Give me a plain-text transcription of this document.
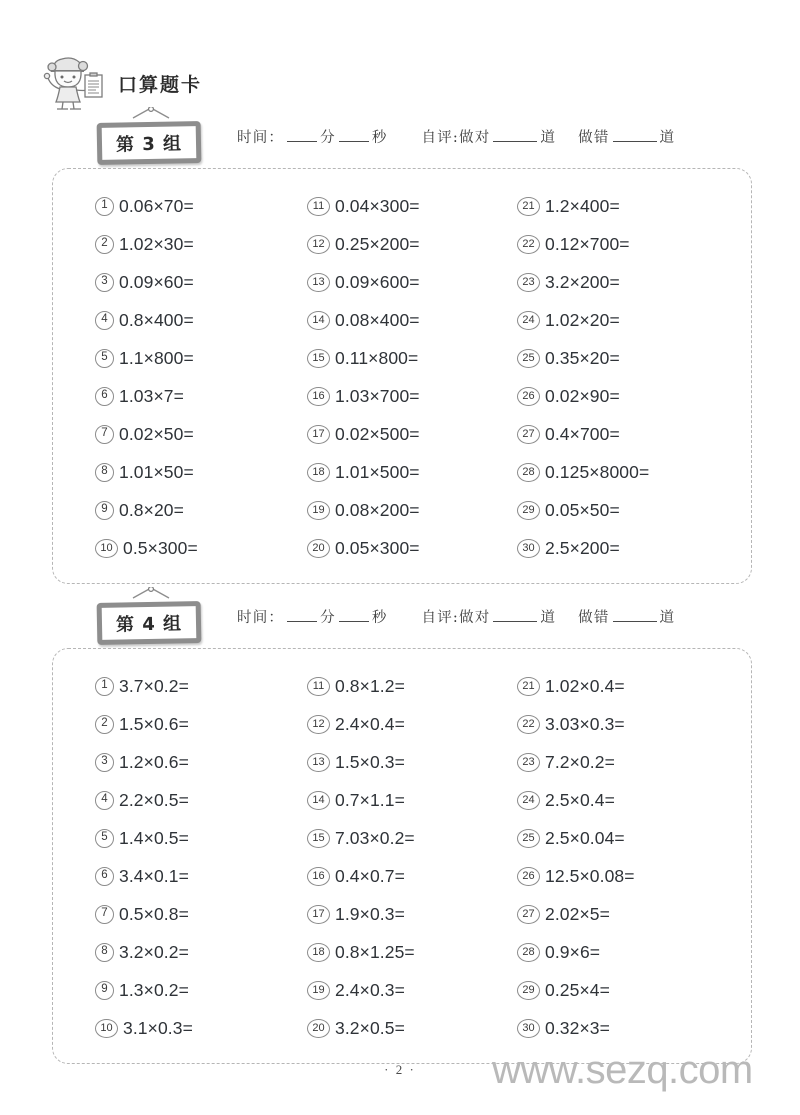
口算题卡
第 3 组	时间： 分 秒 自评: 做对	道 做错	道
1 0.06×70=
2 1.02×30=
3 0.09×60=
4 0.8×400=
5 1.1×800=
6 1.03×7=
7 0.02×50=
8 1.01×50=
9 0.8×20=
10 0.5×300=
11 0.04×300=
12 0.25×200=
13 0.09×600=
14 0.08×400=
15 0.11×800=
16 1.03×700=
17 0.02×500=
18 1.01×500=
19 0.08×200=
20 0.05×300=
21 1.2×400=
22 0.12×700=
23 3.2×200=
24 1.02×20=
25 0.35×20=
26 0.02×90=
27 0.4×700=
28 0.125×8000=
29 0.05×50=
30 2.5×200=
第 4 组	时间： 分 秒 自评: 做对	道 做错	道
1 3.7×0.2=
2 1.5×0.6=
3 1.2×0.6=
4 2.2×0.5=
5 1.4×0.5=
6 3.4×0.1=
7 0.5×0.8=
8 3.2×0.2=
9 1.3×0.2=
10 3.1×0.3=
11 0.8×1.2=
12 2.4×0.4=
13 1.5×0.3=
14 0.7×1.1=
15 7.03×0.2=
16 0.4×0.7=
17 1.9×0.3=
18 0.8×1.25=
19 2.4×0.3=
20 3.2×0.5=
21 1.02×0.4=
22 3.03×0.3=
23 7.2×0.2=
24 2.5×0.4=
25 2.5×0.04=
26 12.5×0.08=
27 2.02×5=
28 0.9×6=
29 0.25×4=
30 0.32×3=
· 2 ·	www.sezq.com
